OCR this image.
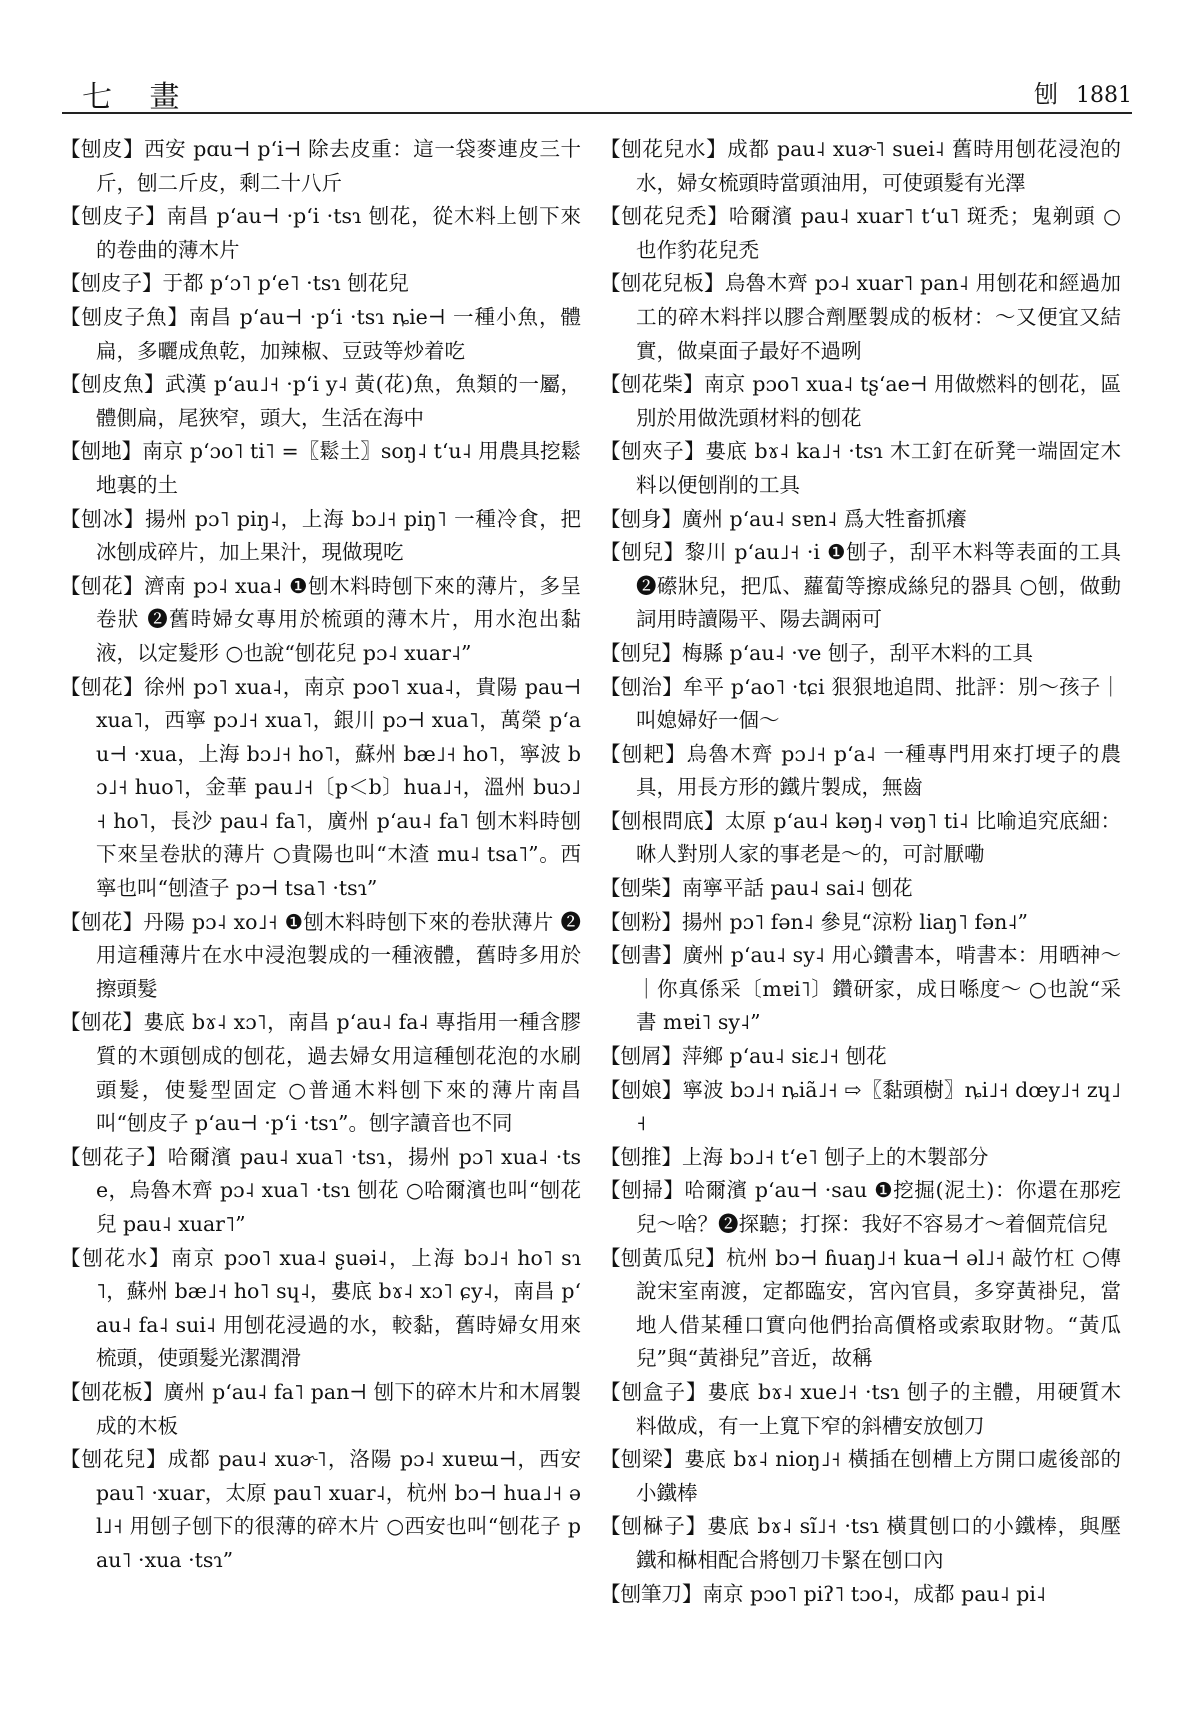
七 畫	刨 1881

【刨皮】西安 pɑu⊣ pʻi⊣ 除去皮重：這一袋麥連皮三十斤，刨二斤皮，剩二十八斤

【刨皮子】南昌 pʻau⊣ ·pʻi ·tsɿ 刨花，從木料上刨下來的卷曲的薄木片

【刨皮子】于都 pʻɔ˥ pʻe˥ ·tsɿ 刨花兒

【刨皮子魚】南昌 pʻau⊣ ·pʻi ·tsɿ ȵie⊣ 一種小魚，體扁，多曬成魚乾，加辣椒、豆豉等炒着吃

【刨皮魚】武漢 pʻau˩˧ ·pʻi y˨ 黃(花)魚，魚類的一屬，體側扁，尾狹窄，頭大，生活在海中

【刨地】南京 pʻɔo˥ ti˥ =〖鬆土〗soŋ˨ tʻu˨ 用農具挖鬆地裏的土

【刨冰】揚州 pɔ˥ piŋ˨，上海 bɔ˩˧ piŋ˥ 一種冷食，把冰刨成碎片，加上果汁，現做現吃

【刨花】濟南 pɔ˨ xua˨ ❶刨木料時刨下來的薄片，多呈卷狀 ❷舊時婦女專用於梳頭的薄木片，用水泡出黏液，以定髮形 ○也說“刨花兒 pɔ˨ xuar˨”

【刨花】徐州 pɔ˥ xua˨，南京 pɔo˥ xua˨，貴陽 pau⊣ xua˥，西寧 pɔ˩˧ xua˥，銀川 pɔ⊣ xua˥，萬榮 pʻau⊣ ·xua，上海 bɔ˩˧ ho˥，蘇州 bæ˩˧ ho˥，寧波 bɔ˩˧ huo˥，金華 pau˩˧〔p＜b〕hua˩˧，溫州 buɔ˩˧ ho˥，長沙 pau˨ fa˥，廣州 pʻau˨ fa˥ 刨木料時刨下來呈卷狀的薄片 ○貴陽也叫“木渣 mu˨ tsa˥”。西寧也叫“刨渣子 pɔ⊣ tsa˥ ·tsɿ”

【刨花】丹陽 pɔ˨ xo˩˧ ❶刨木料時刨下來的卷狀薄片 ❷用這種薄片在水中浸泡製成的一種液體，舊時多用於擦頭髮

【刨花】婁底 bɤ˨ xɔ˥，南昌 pʻau˨ fa˨ 專指用一種含膠質的木頭刨成的刨花，過去婦女用這種刨花泡的水刷頭髮，使髮型固定 ○普通木料刨下來的薄片南昌叫“刨皮子 pʻau⊣ ·pʻi ·tsɿ”。刨字讀音也不同

【刨花子】哈爾濱 pau˨ xua˥ ·tsɿ，揚州 pɔ˥ xua˨ ·tse，烏魯木齊 pɔ˨ xua˥ ·tsɿ 刨花 ○哈爾濱也叫“刨花兒 pau˨ xuar˥”

【刨花水】南京 pɔo˥ xua˨ ʂuəi˨，上海 bɔ˩˧ ho˥ sɿ˥，蘇州 bæ˩˧ ho˥ sɥ˨，婁底 bɤ˨ xɔ˥ ɕy˨，南昌 pʻau˨ fa˨ sui˨ 用刨花浸過的水，較黏，舊時婦女用來梳頭，使頭髮光潔潤滑

【刨花板】廣州 pʻau˨ fa˥ pan⊣ 刨下的碎木片和木屑製成的木板

【刨花兒】成都 pau˨ xuɚ˥，洛陽 pɔ˨ xuɐɯ⊣，西安 pau˥ ·xuar，太原 pau˥ xuar˨，杭州 bɔ⊣ hua˩˧ əl˩˧ 用刨子刨下的很薄的碎木片 ○西安也叫“刨花子 pau˥ ·xua ·tsɿ”

【刨花兒水】成都 pau˨ xuɚ˥ suei˨ 舊時用刨花浸泡的水，婦女梳頭時當頭油用，可使頭髮有光澤

【刨花兒禿】哈爾濱 pau˨ xuar˥ tʻu˥ 斑禿；鬼剃頭 ○也作豹花兒禿

【刨花兒板】烏魯木齊 pɔ˨ xuar˥ pan˨ 用刨花和經過加工的碎木料拌以膠合劑壓製成的板材：～又便宜又結實，做桌面子最好不過咧

【刨花柴】南京 pɔo˥ xua˨ tʂʻae⊣ 用做燃料的刨花，區別於用做洗頭材料的刨花

【刨夾子】婁底 bɤ˨ ka˩˧ ·tsɿ 木工釘在斫凳一端固定木料以便刨削的工具

【刨身】廣州 pʻau˨ sɐn˨ 爲大牲畜抓癢

【刨兒】黎川 pʻau˩˧ ·i ❶刨子，刮平木料等表面的工具 ❷礤牀兒，把瓜、蘿蔔等擦成絲兒的器具 ○刨，做動詞用時讀陽平、陽去調兩可

【刨兒】梅縣 pʻau˨ ·ve 刨子，刮平木料的工具

【刨治】牟平 pʻao˥ ·tɕi 狠狠地追問、批評：別～孩子｜叫媳婦好一個～

【刨耙】烏魯木齊 pɔ˩˧ pʻa˨ 一種專門用來打埂子的農具，用長方形的鐵片製成，無齒

【刨根問底】太原 pʻau˨ kəŋ˨ vəŋ˥ ti˨ 比喻追究底細：咻人對別人家的事老是～的，可討厭嘞

【刨柴】南寧平話 pau˨ sai˨ 刨花

【刨粉】揚州 pɔ˥ fən˨ 參見“涼粉 liaŋ˥ fən˨”

【刨書】廣州 pʻau˨ sy˨ 用心鑽書本，啃書本：用晒神～｜你真係采〔mɐi˥〕鑽研家，成日喺度～ ○也說“采書 mɐi˥ sy˨”

【刨屑】萍鄉 pʻau˨ siɛ˩˧ 刨花

【刨娘】寧波 bɔ˩˧ ȵiã˩˧ ⇨〖黏頭樹〗ȵi˩˧ dœy˩˧ zɥ˩˧

【刨推】上海 bɔ˩˧ tʻe˥ 刨子上的木製部分

【刨掃】哈爾濱 pʻau⊣ ·sau ❶挖掘(泥土)：你還在那疙兒～啥？❷探聽；打探：我好不容易才～着個荒信兒

【刨黃瓜兒】杭州 bɔ⊣ ɦuaŋ˩˧ kua⊣ əl˩˧ 敲竹杠 ○傳說宋室南渡，定都臨安，宮內官員，多穿黃褂兒，當地人借某種口實向他們抬高價格或索取財物。“黃瓜兒”與“黃褂兒”音近，故稱

【刨盒子】婁底 bɤ˨ xue˩˧ ·tsɿ 刨子的主體，用硬質木料做成，有一上寬下窄的斜槽安放刨刀

【刨梁】婁底 bɤ˨ nioŋ˩˧ 橫插在刨槽上方開口處後部的小鐵棒

【刨㮟子】婁底 bɤ˨ sĩ˩˧ ·tsɿ 橫貫刨口的小鐵棒，與壓鐵和㮟相配合將刨刀卡緊在刨口內

【刨筆刀】南京 pɔo˥ piʔ˥ tɔo˨，成都 pau˨ pi˨
